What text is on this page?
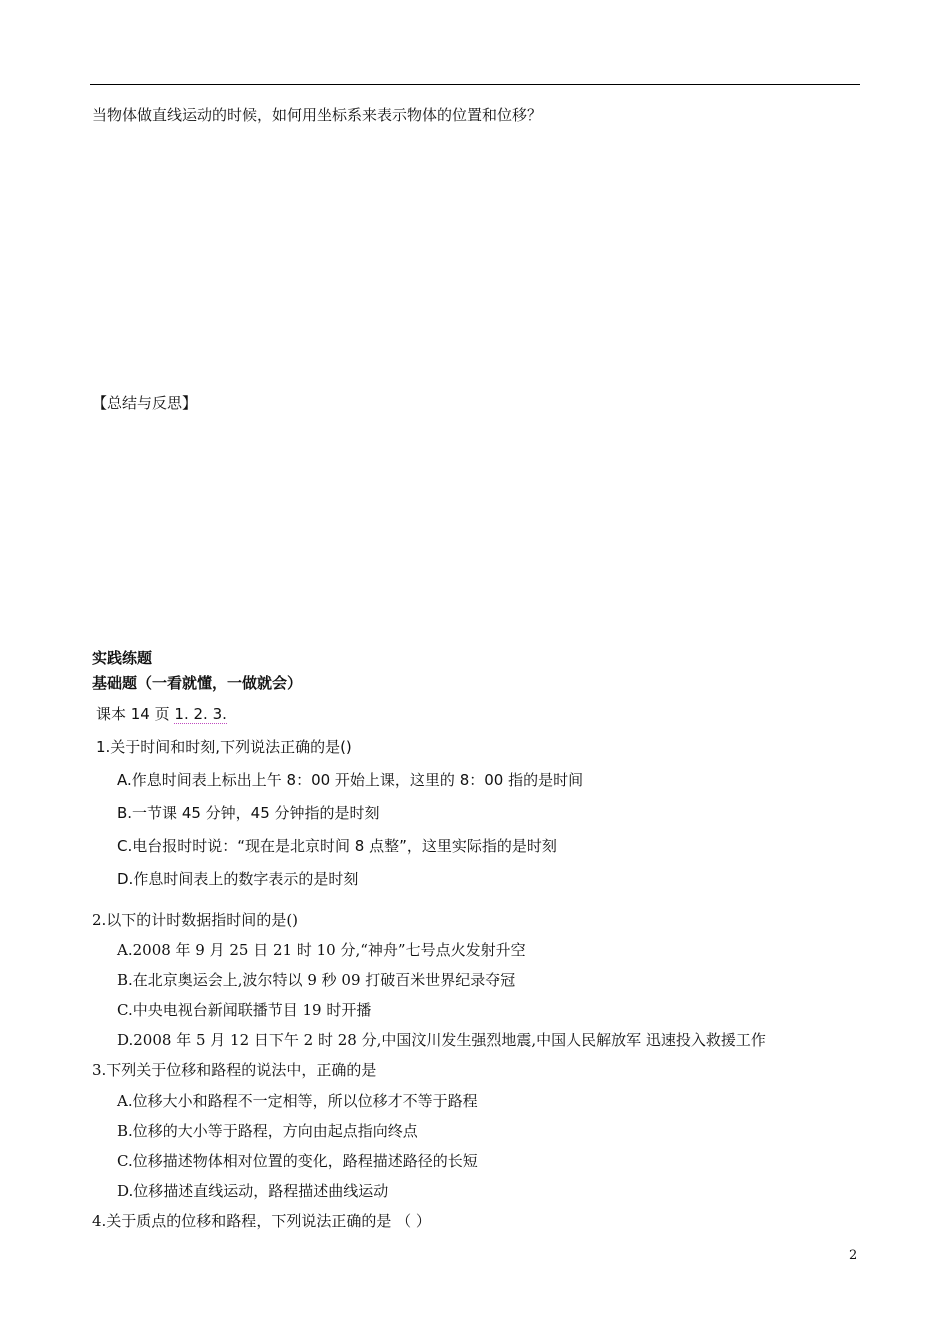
当物体做直线运动的时候，如何用坐标系来表示物体的位置和位移？
【总结与反思】
实践练题
基础题（一看就懂，一做就会）
课本 14 页 1. 2. 3.
1.关于时间和时刻,下列说法正确的是()
A.作息时间表上标出上午 8：00 开始上课，这里的 8：00 指的是时间
B.一节课 45 分钟，45 分钟指的是时刻
C.电台报时时说：“现在是北京时间 8 点整”，这里实际指的是时刻
D.作息时间表上的数字表示的是时刻
2.以下的计时数据指时间的是()
A.2008 年 9 月 25 日 21 时 10 分,“神舟”七号点火发射升空
B.在北京奥运会上,波尔特以 9 秒 09 打破百米世界纪录夺冠
C.中央电视台新闻联播节目 19 时开播
D.2008 年 5 月 12 日下午 2 时 28 分,中国汶川发生强烈地震,中国人民解放军 迅速投入救援工作
3.下列关于位移和路程的说法中，正确的是
A.位移大小和路程不一定相等，所以位移才不等于路程
B.位移的大小等于路程，方向由起点指向终点
C.位移描述物体相对位置的变化，路程描述路径的长短
D.位移描述直线运动，路程描述曲线运动
4.关于质点的位移和路程，下列说法正确的是 （ ）
2
